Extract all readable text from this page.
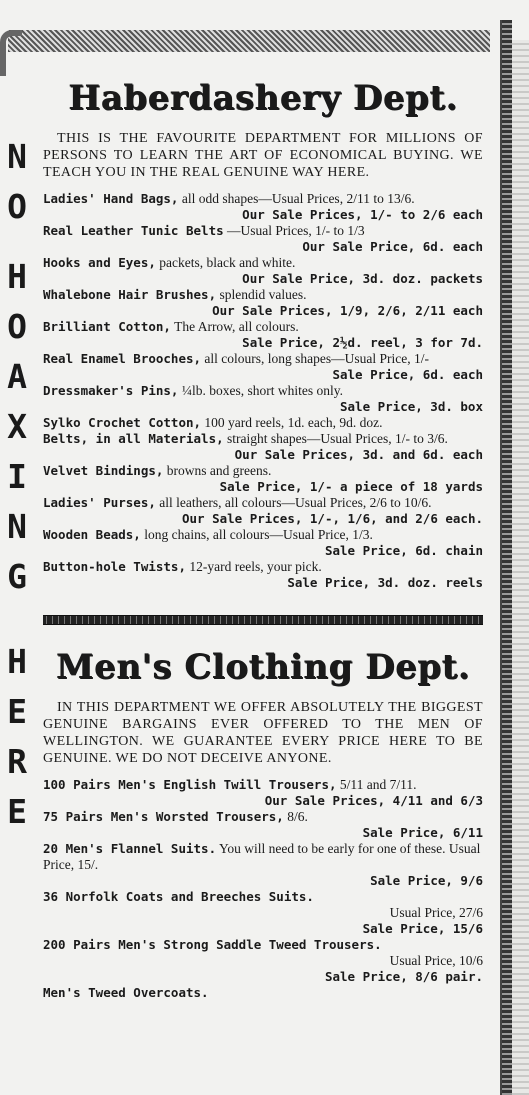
N
O
H
O
A
X
I
N
G
H
E
R
E
Haberdashery Dept.
THIS IS THE FAVOURITE DEPARTMENT FOR MILLIONS OF PERSONS TO LEARN THE ART OF ECONOMICAL BUYING. WE TEACH YOU IN THE REAL GENUINE WAY HERE.
Ladies' Hand Bags, all odd shapes—Usual Prices, 2/11 to 13/6.
Our Sale Prices, 1/- to 2/6 each
Real Leather Tunic Belts —Usual Prices, 1/- to 1/3
Our Sale Price, 6d. each
Hooks and Eyes, packets, black and white.
Our Sale Price, 3d. doz. packets
Whalebone Hair Brushes, splendid values.
Our Sale Prices, 1/9, 2/6, 2/11 each
Brilliant Cotton, The Arrow, all colours.
Sale Price, 2½d. reel, 3 for 7d.
Real Enamel Brooches, all colours, long shapes—Usual Price, 1/-
Sale Price, 6d. each
Dressmaker's Pins, ¼lb. boxes, short whites only.
Sale Price, 3d. box
Sylko Crochet Cotton, 100 yard reels, 1d. each, 9d. doz.
Belts, in all Materials, straight shapes—Usual Prices, 1/- to 3/6.
Our Sale Prices, 3d. and 6d. each
Velvet Bindings, browns and greens.
Sale Price, 1/- a piece of 18 yards
Ladies' Purses, all leathers, all colours—Usual Prices, 2/6 to 10/6.
Our Sale Prices, 1/-, 1/6, and 2/6 each.
Wooden Beads, long chains, all colours—Usual Price, 1/3.
Sale Price, 6d. chain
Button-hole Twists, 12-yard reels, your pick.
Sale Price, 3d. doz. reels
Men's Clothing Dept.
IN THIS DEPARTMENT WE OFFER ABSOLUTELY THE BIGGEST GENUINE BARGAINS EVER OFFERED TO THE MEN OF WELLINGTON. WE GUARANTEE EVERY PRICE HERE TO BE GENUINE. WE DO NOT DECEIVE ANYONE.
100 Pairs Men's English Twill Trousers, 5/11 and 7/11.
Our Sale Prices, 4/11 and 6/3
75 Pairs Men's Worsted Trousers, 8/6.
Sale Price, 6/11
20 Men's Flannel Suits. You will need to be early for one of these. Usual Price, 15/.
Sale Price, 9/6
36 Norfolk Coats and Breeches Suits.
Usual Price, 27/6
Sale Price, 15/6
200 Pairs Men's Strong Saddle Tweed Trousers.
Usual Price, 10/6
Sale Price, 8/6 pair.
Men's Tweed Overcoats.
